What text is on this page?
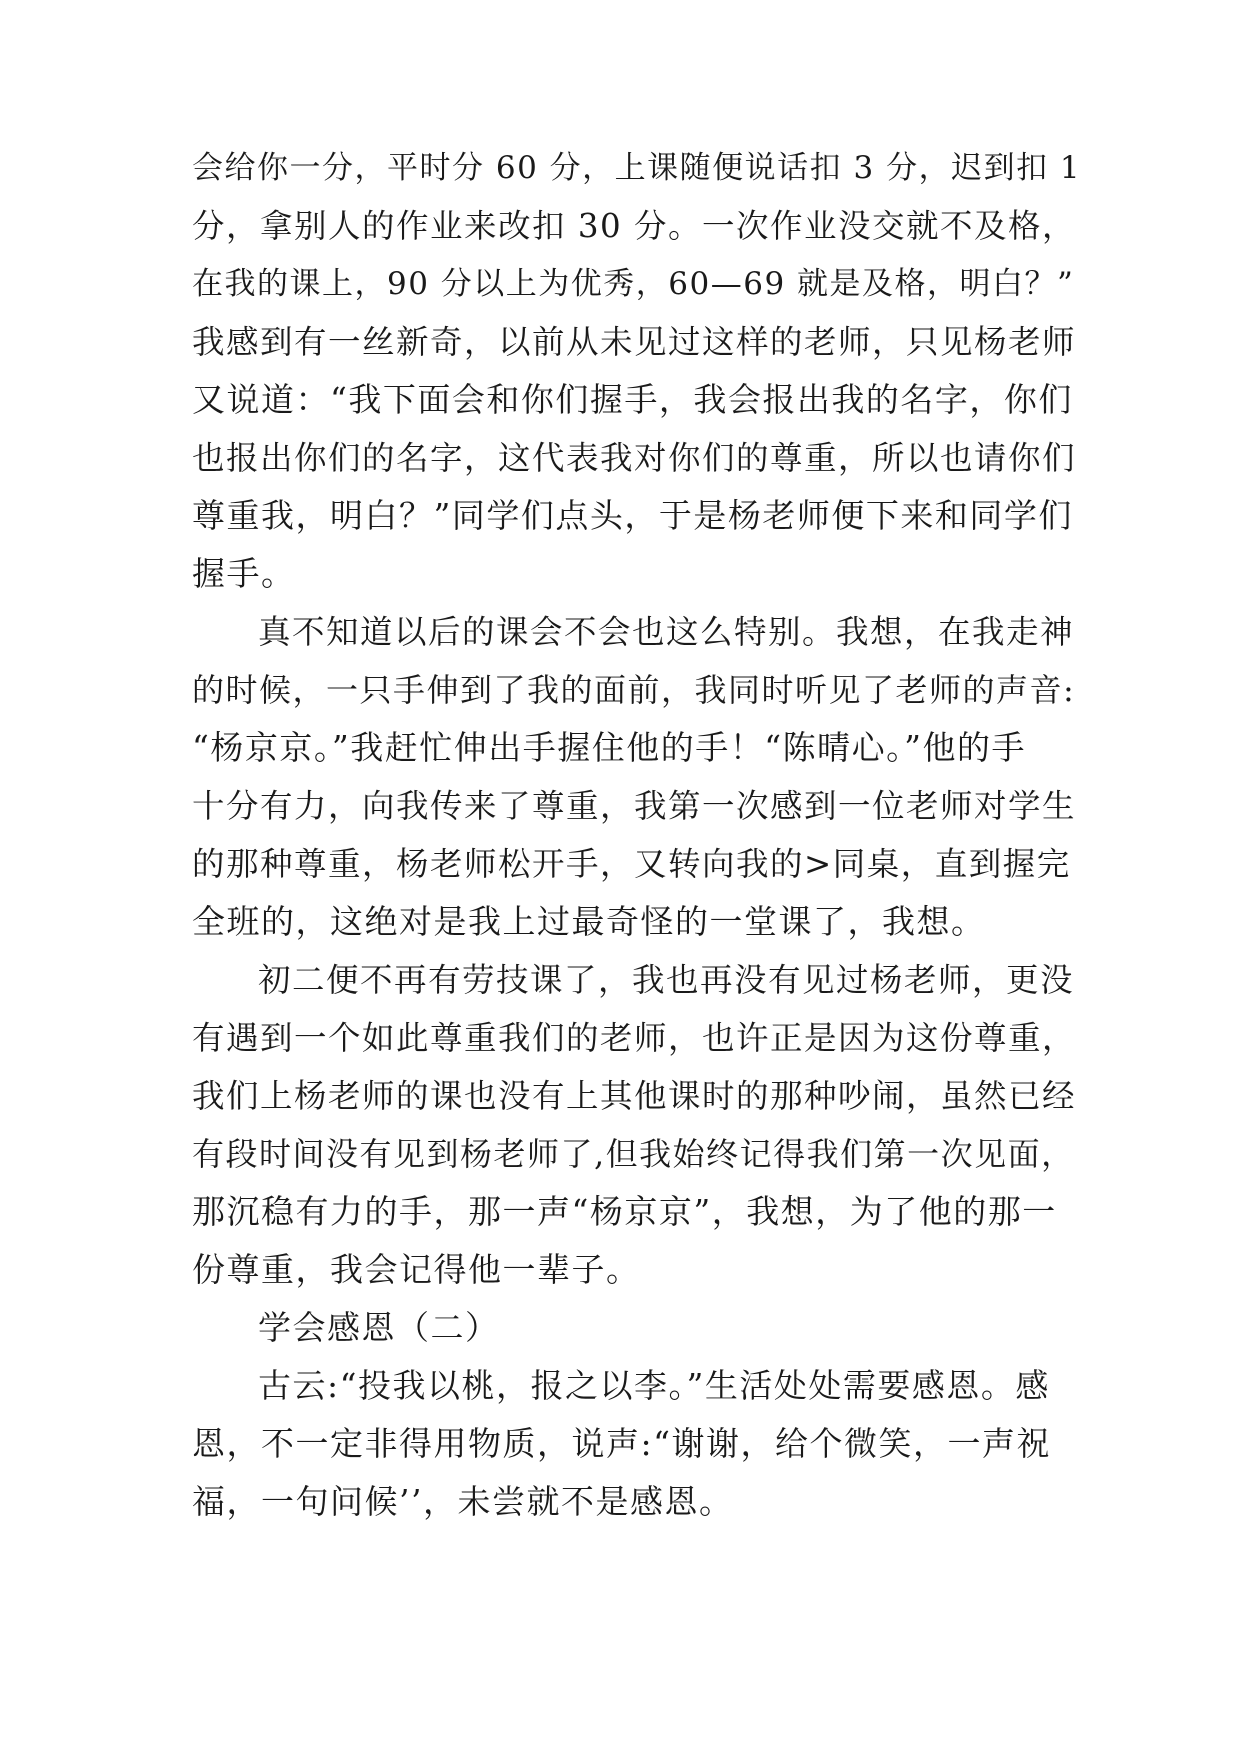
会给你一分，平时分 60 分，上课随便说话扣 3 分，迟到扣 1
分，拿别人的作业来改扣 30 分。一次作业没交就不及格，
在我的课上，90 分以上为优秀，60—69 就是及格，明白？”
我感到有一丝新奇，以前从未见过这样的老师，只见杨老师
又说道：“我下面会和你们握手，我会报出我的名字，你们
也报出你们的名字，这代表我对你们的尊重，所以也请你们
尊重我，明白？”同学们点头，于是杨老师便下来和同学们
握手。
真不知道以后的课会不会也这么特别。我想，在我走神
的时候，一只手伸到了我的面前，我同时听见了老师的声音:
“杨京京。”我赶忙伸出手握住他的手！“陈晴心。”他的手
十分有力，向我传来了尊重，我第一次感到一位老师对学生
的那种尊重，杨老师松开手，又转向我的>同桌，直到握完
全班的，这绝对是我上过最奇怪的一堂课了，我想。
初二便不再有劳技课了，我也再没有见过杨老师，更没
有遇到一个如此尊重我们的老师，也许正是因为这份尊重，
我们上杨老师的课也没有上其他课时的那种吵闹，虽然已经
有段时间没有见到杨老师了,但我始终记得我们第一次见面，
那沉稳有力的手，那一声“杨京京”，我想，为了他的那一
份尊重，我会记得他一辈子。
学会感恩（二）
古云:“投我以桃，报之以李。”生活处处需要感恩。感
恩，不一定非得用物质，说声:“谢谢，给个微笑，一声祝
福，一句问候’’，未尝就不是感恩。
